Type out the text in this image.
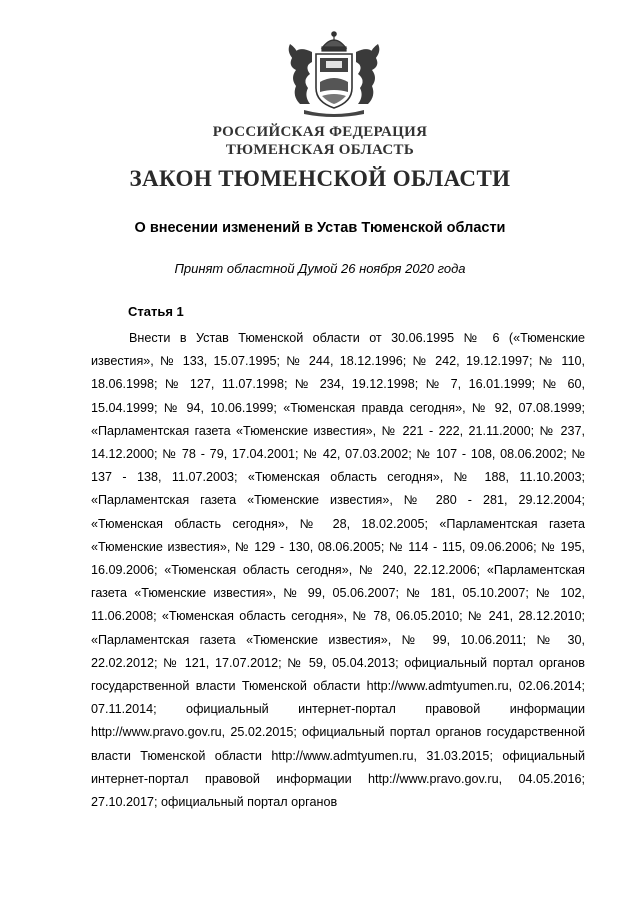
РОССИЙСКАЯ ФЕДЕРАЦИЯ
ТЮМЕНСКАЯ ОБЛАСТЬ
ЗАКОН ТЮМЕНСКОЙ ОБЛАСТИ
О внесении изменений в Устав Тюменской области
Принят областной Думой 26 ноября 2020 года
Статья 1

Внести в Устав Тюменской области от 30.06.1995 № 6 («Тюменские известия», № 133, 15.07.1995; № 244, 18.12.1996; № 242, 19.12.1997; № 110, 18.06.1998; № 127, 11.07.1998; № 234, 19.12.1998; № 7, 16.01.1999; № 60, 15.04.1999; № 94, 10.06.1999; «Тюменская правда сегодня», № 92, 07.08.1999; «Парламентская газета «Тюменские известия», № 221 - 222, 21.11.2000; № 237, 14.12.2000; № 78 - 79, 17.04.2001; № 42, 07.03.2002; № 107 - 108, 08.06.2002; № 137 - 138, 11.07.2003; «Тюменская область сегодня», № 188, 11.10.2003; «Парламентская газета «Тюменские известия», № 280 - 281, 29.12.2004; «Тюменская область сегодня», № 28, 18.02.2005; «Парламентская газета «Тюменские известия», № 129 - 130, 08.06.2005; № 114 - 115, 09.06.2006; № 195, 16.09.2006; «Тюменская область сегодня», № 240, 22.12.2006; «Парламентская газета «Тюменские известия», № 99, 05.06.2007; № 181, 05.10.2007; № 102, 11.06.2008; «Тюменская область сегодня», № 78, 06.05.2010; № 241, 28.12.2010; «Парламентская газета «Тюменские известия», № 99, 10.06.2011; № 30, 22.02.2012; № 121, 17.07.2012; № 59, 05.04.2013; официальный портал органов государственной власти Тюменской области http://www.admtyumen.ru, 02.06.2014; 07.11.2014; официальный интернет-портал правовой информации http://www.pravo.gov.ru, 25.02.2015; официальный портал органов государственной власти Тюменской области http://www.admtyumen.ru, 31.03.2015; официальный интернет-портал правовой информации http://www.pravo.gov.ru, 04.05.2016; 27.10.2017; официальный портал органов
